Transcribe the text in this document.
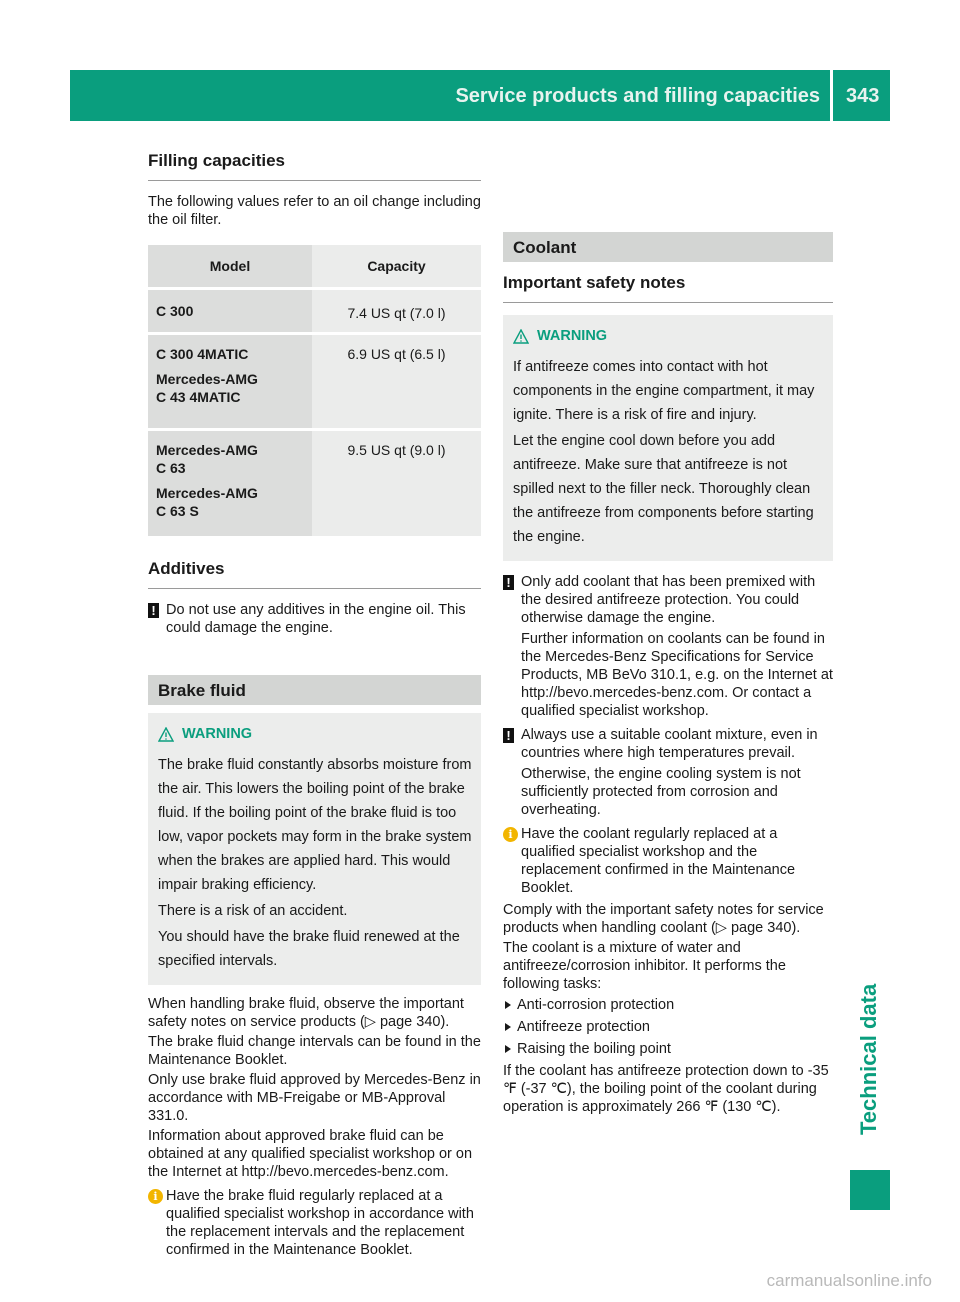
Service products and filling capacities 343
Technical data
Filling capacities

The following values refer to an oil change including the oil filter.

Model	Capacity

C 300	7.4 US qt (7.0 l)

C 300 4MATIC
Mercedes-AMG
C 43 4MATIC	6.9 US qt (6.5 l)

Mercedes-AMG
C 63
Mercedes-AMG
C 63 S	9.5 US qt (9.0 l)
Additives
! Do not use any additives in the engine oil. This could damage the engine.

Brake fluid
WARNING

The brake fluid constantly absorbs moisture from the air. This lowers the boiling point of the brake fluid. If the boiling point of the brake fluid is too low, vapor pockets may form in the brake system when the brakes are applied hard. This would impair braking efficiency.

There is a risk of an accident.

You should have the brake fluid renewed at the specified intervals.

When handling brake fluid, observe the important safety notes on service products (▷ page 340).

The brake fluid change intervals can be found in the Maintenance Booklet.

Only use brake fluid approved by Mercedes-Benz in accordance with MB-Freigabe or MB-Approval 331.0.

Information about approved brake fluid can be obtained at any qualified specialist workshop or on the Internet at http://bevo.mercedes-benz.com.

i Have the brake fluid regularly replaced at a qualified specialist workshop in accordance with the replacement intervals and the replacement confirmed in the Maintenance Booklet.

Coolant
Important safety notes
WARNING

If antifreeze comes into contact with hot components in the engine compartment, it may ignite. There is a risk of fire and injury.

Let the engine cool down before you add antifreeze. Make sure that antifreeze is not spilled next to the filler neck. Thoroughly clean the antifreeze from components before starting the engine.

! Only add coolant that has been premixed with the desired antifreeze protection. You could otherwise damage the engine.

Further information on coolants can be found in the Mercedes-Benz Specifications for Service Products, MB BeVo 310.1, e.g. on the Internet at http://bevo.mercedes-benz.com. Or contact a qualified specialist workshop.

! Always use a suitable coolant mixture, even in countries where high temperatures prevail.

Otherwise, the engine cooling system is not sufficiently protected from corrosion and overheating.

i Have the coolant regularly replaced at a qualified specialist workshop and the replacement confirmed in the Maintenance Booklet.

Comply with the important safety notes for service products when handling coolant (▷ page 340).

The coolant is a mixture of water and antifreeze/corrosion inhibitor. It performs the following tasks:

Anti-corrosion protection
Antifreeze protection
Raising the boiling point

If the coolant has antifreeze protection down to -35 ℉ (-37 ℃), the boiling point of the coolant during operation is approximately 266 ℉ (130 ℃).

carmanualsonline.info
